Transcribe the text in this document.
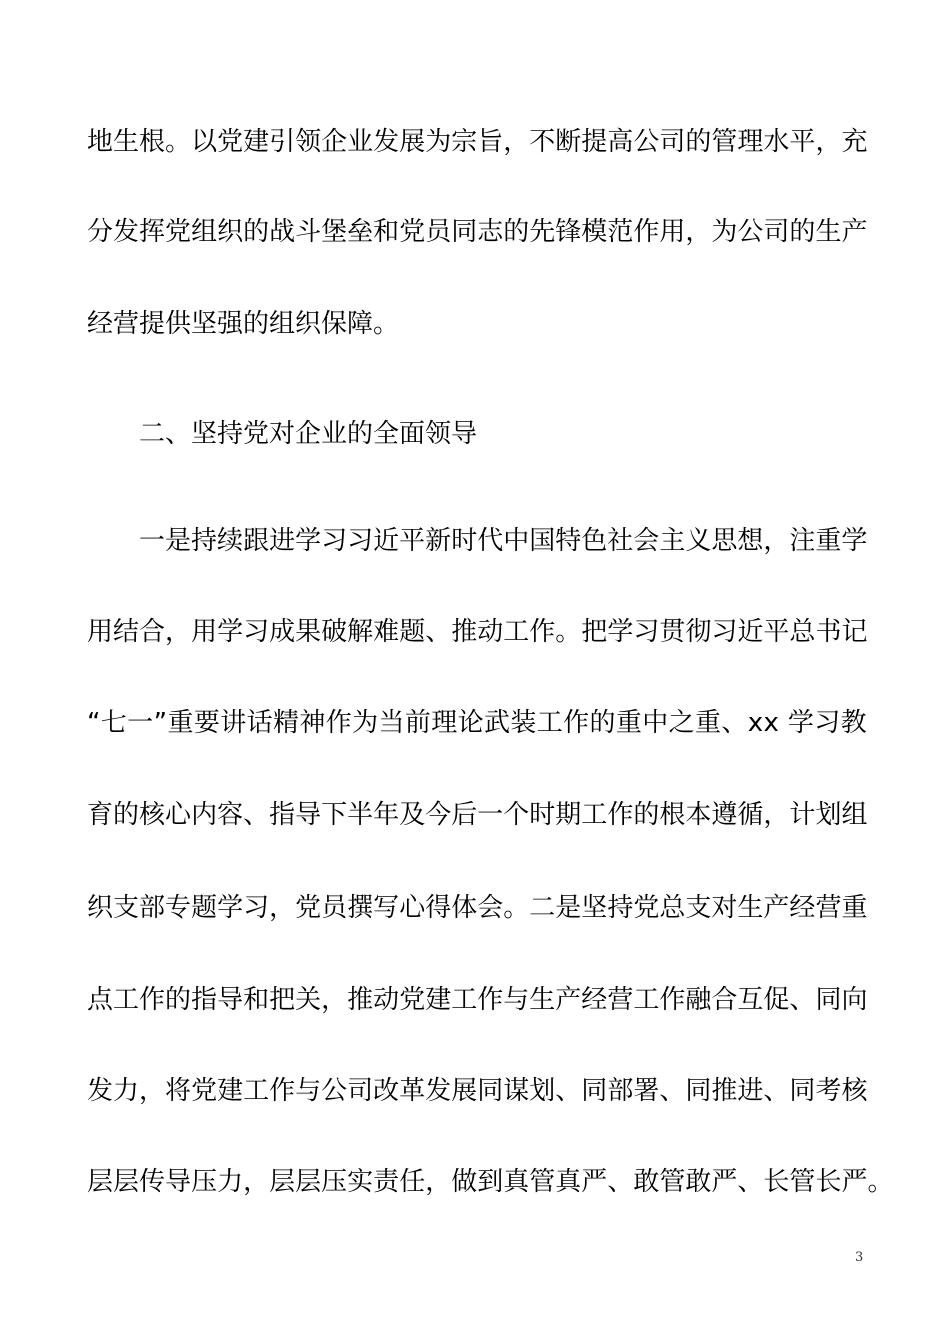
地 生 根 。 以 党 建 引 领 企 业 发 展 为 宗 旨 ， 不 断 提 高 公 司 的 管 理 水 平 ， 充
分 发 挥 党 组 织 的 战 斗 堡 垒 和 党 员 同 志 的 先 锋 模 范 作 用 ， 为 公 司 的 生 产
经营提供坚强的组织保障。
二、坚持党对企业的全面领导
一 是 持 续 跟 进 学 习 习 近 平 新 时 代 中 国 特 色 社 会 主 义 思 想 ， 注 重 学
用 结 合 ， 用 学 习 成 果 破 解 难 题 、 推 动 工 作 。 把 学 习 贯 彻 习 近 平 总 书 记
“ 七 一 ” 重 要 讲 话 精 神 作 为 当 前 理 论 武 装 工 作 的 重 中 之 重 、 x x
学 习 教
育 的 核 心 内 容 、 指 导 下 半 年 及 今 后 一 个 时 期 工 作 的 根 本 遵 循 ， 计 划 组
织 支 部 专 题 学 习 ， 党 员 撰 写 心 得 体 会 。 二 是 坚 持 党 总 支 对 生 产 经 营 重
点 工 作 的 指 导 和 把 关 ， 推 动 党 建 工 作 与 生 产 经 营 工 作 融 合 互 促 、 同 向
发 力 ， 将 党 建 工 作 与 公 司 改 革 发 展 同 谋 划 、 同 部 署 、 同 推 进 、 同 考 核
层 层 传 导 压 力 ， 层 层 压 实 责 任 ， 做 到 真 管 真 严 、 敢 管 敢 严 、 长 管 长 严 。
3
